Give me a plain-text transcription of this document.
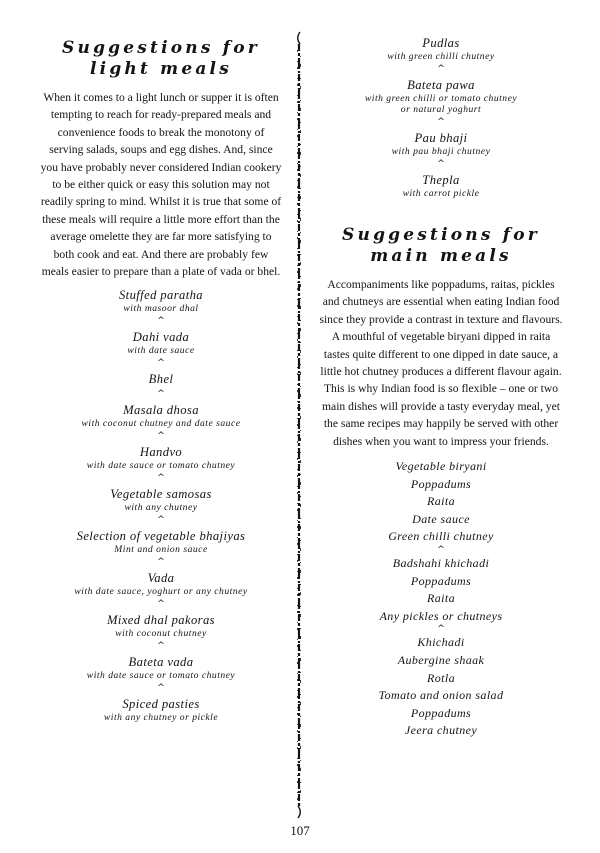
Suggestions for
light meals

When it comes to a light lunch or supper it is often tempting to reach for ready-prepared meals and convenience foods to break the monotony of serving salads, soups and egg dishes. And, since you have probably never considered Indian cookery to be either quick or easy this solution may not readily spring to mind. Whilst it is true that some of these meals will require a little more effort than the average omelette they are far more satisfying to both cook and eat. And there are probably few meals easier to prepare than a plate of vada or bhel.

Stuffed paratha
with masoor dhal
^
Dahi vada
with date sauce
^
Bhel
^
Masala dhosa
with coconut chutney and date sauce
^
Handvo
with date sauce or tomato chutney
^
Vegetable samosas
with any chutney
^
Selection of vegetable bhajiyas
Mint and onion sauce
^
Vada
with date sauce, yoghurt or any chutney
^
Mixed dhal pakoras
with coconut chutney
^
Bateta vada
with date sauce or tomato chutney
^
Spiced pasties
with any chutney or pickle
Pudlas
with green chilli chutney
^
Bateta pawa
with green chilli or tomato chutney
or natural yoghurt
^
Pau bhaji
with pau bhaji chutney
^
Thepla
with carrot pickle
Suggestions for
main meals

Accompaniments like poppadums, raitas, pickles and chutneys are essential when eating Indian food since they provide a contrast in texture and flavours. A mouthful of vegetable biryani dipped in raita tastes quite different to one dipped in date sauce, a little hot chutney produces a different flavour again. This is why Indian food is so flexible – one or two main dishes will provide a tasty everyday meal, yet the same recipes may happily be served with other dishes when you want to impress your friends.

Vegetable biryani
Poppadums
Raita
Date sauce
Green chilli chutney
^
Badshahi khichadi
Poppadums
Raita
Any pickles or chutneys
^
Khichadi
Aubergine shaak
Rotla
Tomato and onion salad
Poppadums
Jeera chutney
107
